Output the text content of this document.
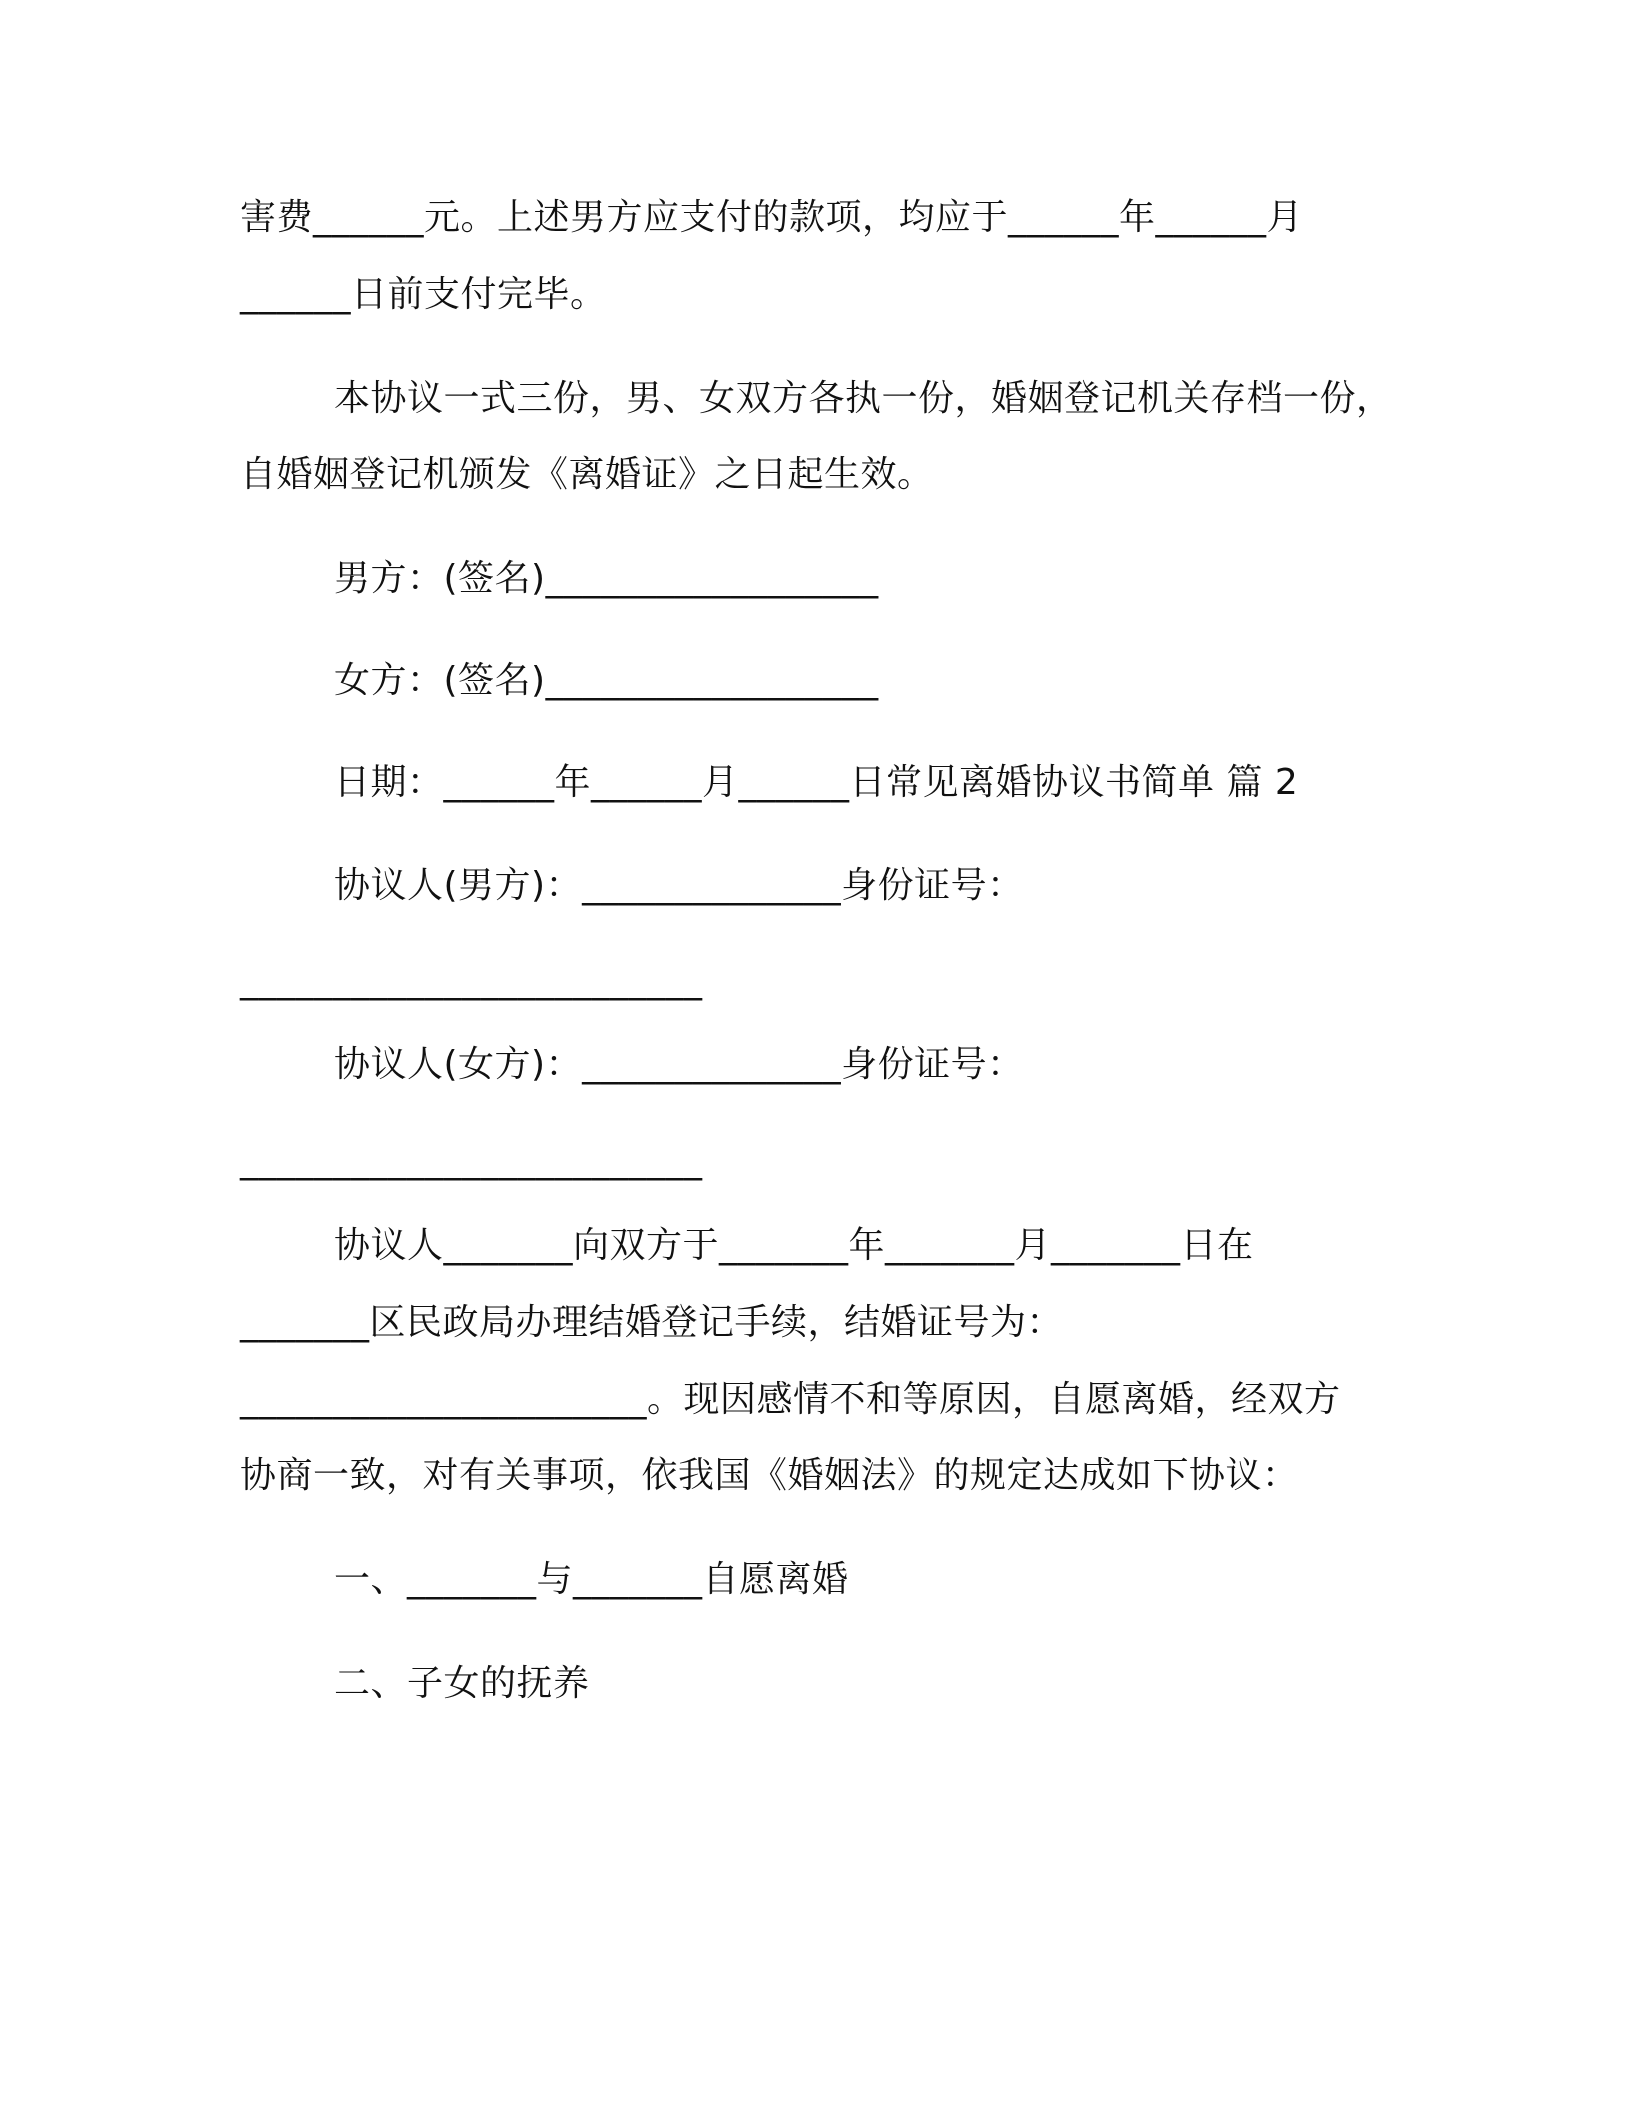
害费______元。上述男方应支付的款项，均应于______年______月
______日前支付完毕。
本协议一式三份，男、女双方各执一份，婚姻登记机关存档一份，
自婚姻登记机颁发《离婚证》之日起生效。
男方：(签名)__________________
女方：(签名)__________________
日期：______年______月______日常见离婚协议书简单 篇 2
协议人(男方)：______________身份证号：
_________________________
协议人(女方)：______________身份证号：
_________________________
协议人_______向双方于_______年_______月_______日在
_______区民政局办理结婚登记手续，结婚证号为：
______________________。现因感情不和等原因，自愿离婚，经双方
协商一致，对有关事项，依我国《婚姻法》的规定达成如下协议：
一、_______与_______自愿离婚
二、子女的抚养
